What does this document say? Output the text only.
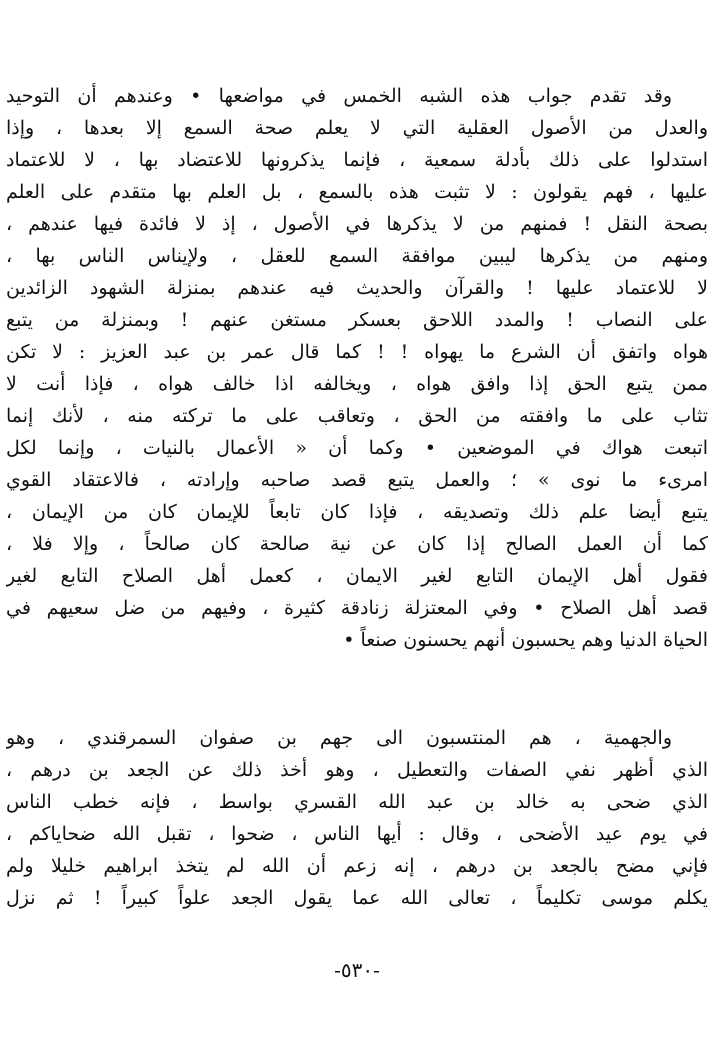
وقد تقدم جواب هذه الشبه الخمس في مواضعها • وعندهم أن التوحيد
والعدل من الأصول العقلية التي لا يعلم صحة السمع إلا بعدها ، وإذا
استدلوا على ذلك بأدلة سمعية ، فإنما يذكرونها للاعتضاد بها ، لا للاعتماد
عليها ، فهم يقولون : لا تثبت هذه بالسمع ، بل العلم بها متقدم على العلم
بصحة النقل ! فمنهم من لا يذكرها في الأصول ، إذ لا فائدة فيها عندهم ،
ومنهم من يذكرها ليبين موافقة السمع للعقل ، ولإيناس الناس بها ،
لا للاعتماد عليها ! والقرآن والحديث فيه عندهم بمنزلة الشهود الزائدين
على النصاب ! والمدد اللاحق بعسكر مستغن عنهم ! وبمنزلة من يتبع
هواه واتفق أن الشرع ما يهواه ! ! كما قال عمر بن عبد العزيز : لا تكن
ممن يتبع الحق إذا وافق هواه ، ويخالفه اذا خالف هواه ، فإذا أنت لا
تثاب على ما وافقته من الحق ، وتعاقب على ما تركته منه ، لأنك إنما
اتبعت هواك في الموضعين • وكما أن « الأعمال بالنيات ، وإنما لكل
امرىء ما نوى » ؛ والعمل يتبع قصد صاحبه وإرادته ، فالاعتقاد القوي
يتبع أيضا علم ذلك وتصديقه ، فإذا كان تابعاً للإيمان كان من الإيمان ،
كما أن العمل الصالح إذا كان عن نية صالحة كان صالحاً ، وإلا فلا ،
فقول أهل الإيمان التابع لغير الايمان ، كعمل أهل الصلاح التابع لغير
قصد أهل الصلاح • وفي المعتزلة زنادقة كثيرة ، وفيهم من ضل سعيهم في
الحياة الدنيا وهم يحسبون أنهم يحسنون صنعاً •
والجهمية ، هم المنتسبون الى جهم بن صفوان السمرقندي ، وهو
الذي أظهر نفي الصفات والتعطيل ، وهو أخذ ذلك عن الجعد بن درهم ،
الذي ضحى به خالد بن عبد الله القسري بواسط ، فإنه خطب الناس
في يوم عيد الأضحى ، وقال : أيها الناس ، ضحوا ، تقبل الله ضحاياكم ،
فإني مضح بالجعد بن درهم ، إنه زعم أن الله لم يتخذ ابراهيم خليلا ولم
يكلم موسى تكليماً ، تعالى الله عما يقول الجعد علواً كبيراً ! ثم نزل
-٥٣٠-
